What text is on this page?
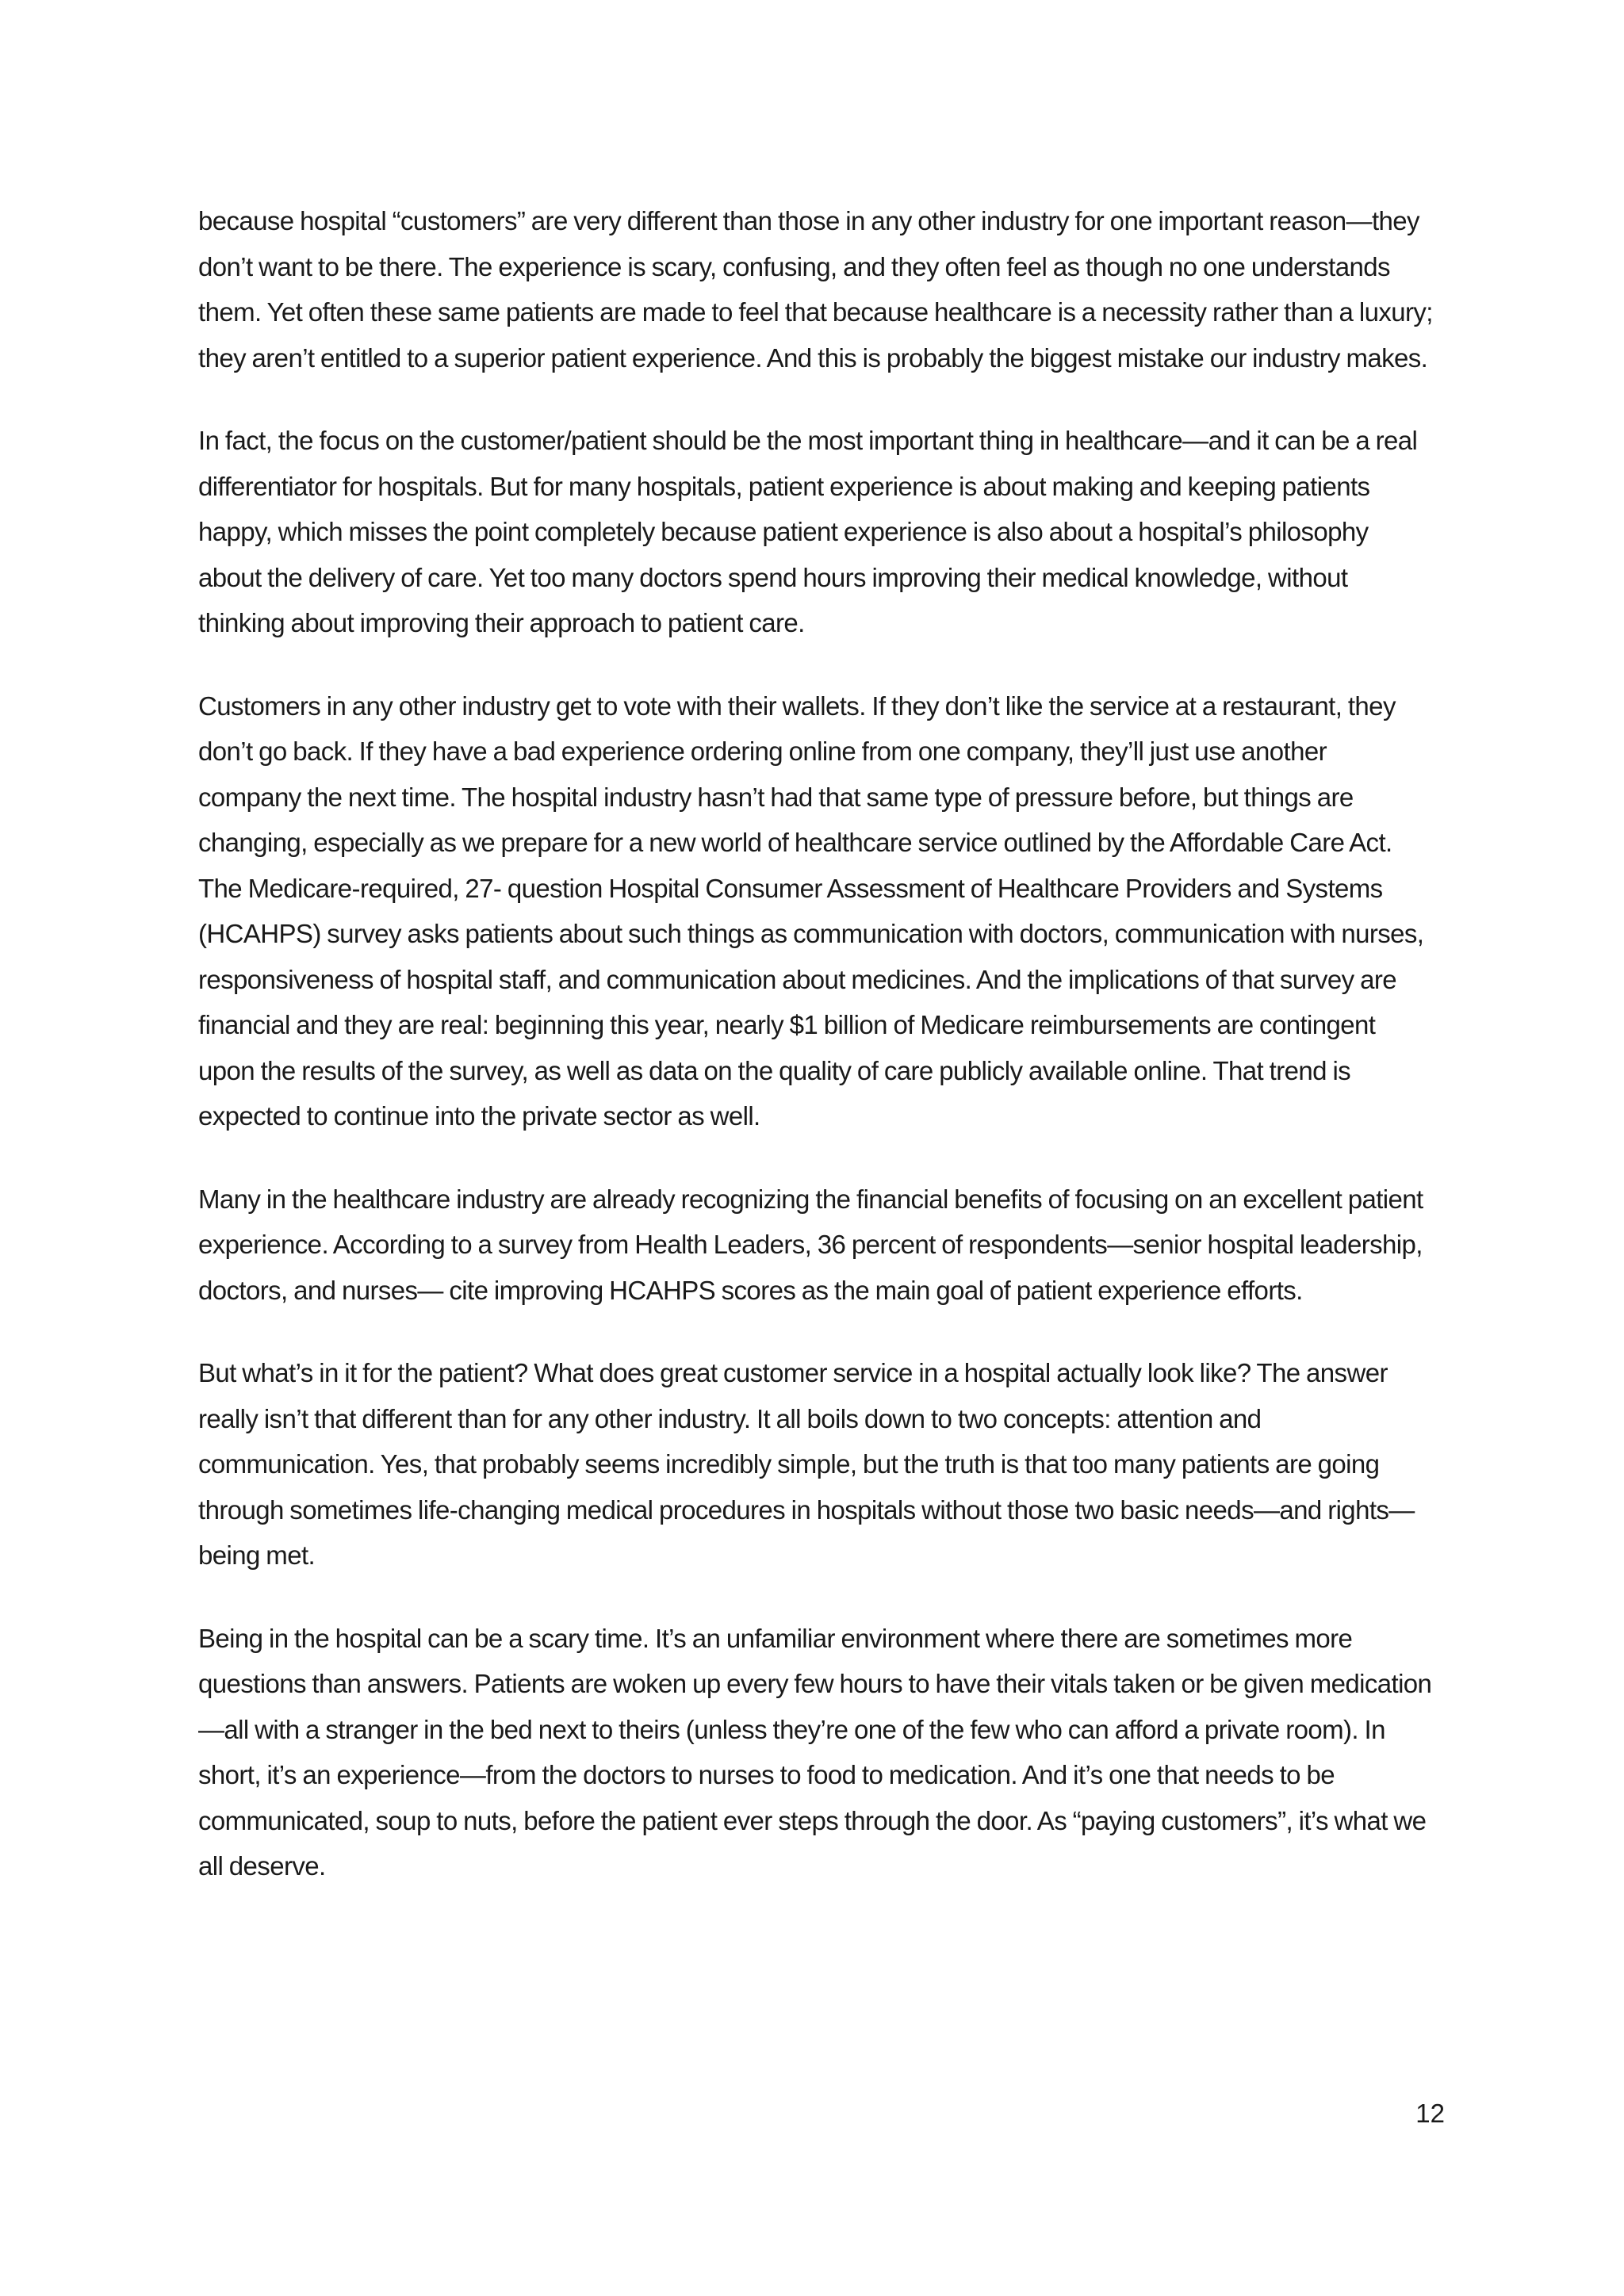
because hospital “customers” are very different than those in any other industry for one important reason—they don’t want to be there. The experience is scary, confusing, and they often feel as though no one understands them. Yet often these same patients are made to feel that because healthcare is a necessity rather than a luxury; they aren’t entitled to a superior patient experience. And this is probably the biggest mistake our industry makes.

In fact, the focus on the customer/patient should be the most important thing in healthcare—and it can be a real differentiator for hospitals. But for many hospitals, patient experience is about making and keeping patients happy, which misses the point completely because patient experience is also about a hospital’s philosophy about the delivery of care. Yet too many doctors spend hours improving their medical knowledge, without thinking about improving their approach to patient care.

Customers in any other industry get to vote with their wallets. If they don’t like the service at a restaurant, they don’t go back. If they have a bad experience ordering online from one company, they’ll just use another company the next time. The hospital industry hasn’t had that same type of pressure before, but things are changing, especially as we prepare for a new world of healthcare service outlined by the Affordable Care Act. The Medicare-required, 27- question Hospital Consumer Assessment of Healthcare Providers and Systems (HCAHPS) survey asks patients about such things as communication with doctors, communication with nurses, responsiveness of hospital staff, and communication about medicines. And the implications of that survey are financial and they are real: beginning this year, nearly $1 billion of Medicare reimbursements are contingent upon the results of the survey, as well as data on the quality of care publicly available online. That trend is expected to continue into the private sector as well.

Many in the healthcare industry are already recognizing the financial benefits of focusing on an excellent patient experience. According to a survey from Health Leaders, 36 percent of respondents—senior hospital leadership, doctors, and nurses— cite improving HCAHPS scores as the main goal of patient experience efforts.

But what’s in it for the patient? What does great customer service in a hospital actually look like? The answer really isn’t that different than for any other industry. It all boils down to two concepts: attention and communication. Yes, that probably seems incredibly simple, but the truth is that too many patients are going through sometimes life-changing medical procedures in hospitals without those two basic needs—and rights—being met.

Being in the hospital can be a scary time. It’s an unfamiliar environment where there are sometimes more questions than answers. Patients are woken up every few hours to have their vitals taken or be given medication—all with a stranger in the bed next to theirs (unless they’re one of the few who can afford a private room). In short, it’s an experience—from the doctors to nurses to food to medication. And it’s one that needs to be communicated, soup to nuts, before the patient ever steps through the door. As “paying customers”, it’s what we all deserve.

12
